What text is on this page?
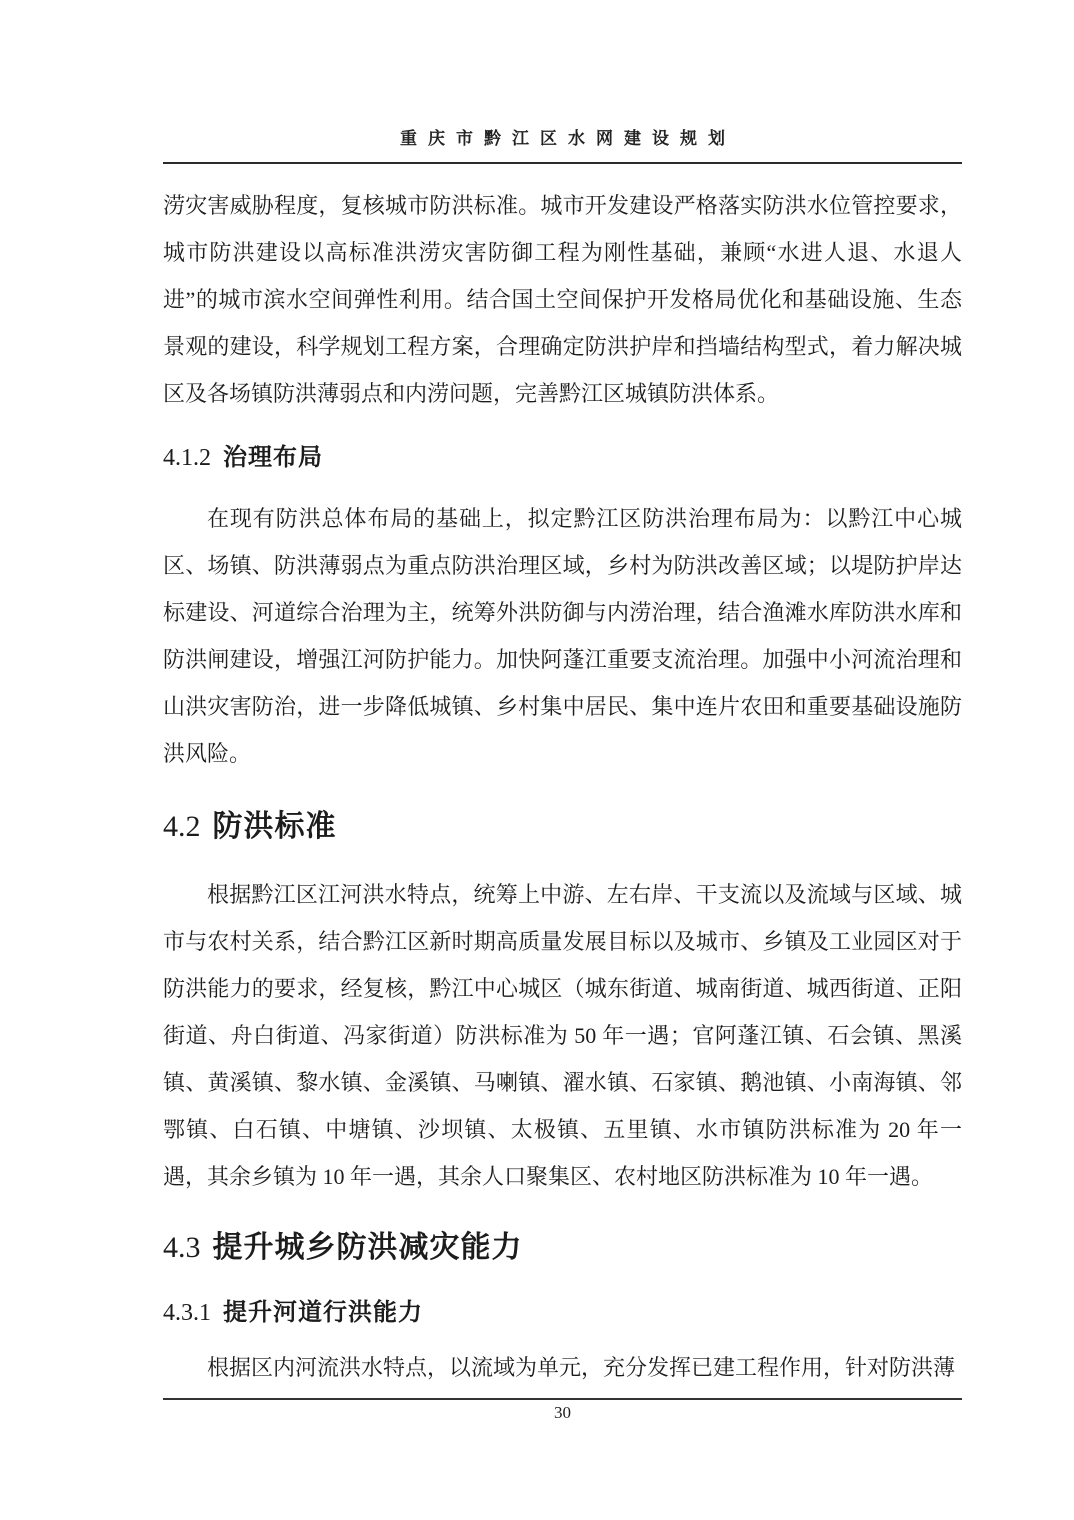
重庆市黔江区水网建设规划

涝灾害威胁程度，复核城市防洪标准。城市开发建设严格落实防洪水位管控要求，城市防洪建设以高标准洪涝灾害防御工程为刚性基础，兼顾“水进人退、水退人进”的城市滨水空间弹性利用。结合国土空间保护开发格局优化和基础设施、生态景观的建设，科学规划工程方案，合理确定防洪护岸和挡墙结构型式，着力解决城区及各场镇防洪薄弱点和内涝问题，完善黔江区城镇防洪体系。

4.1.2 治理布局

在现有防洪总体布局的基础上，拟定黔江区防洪治理布局为：以黔江中心城区、场镇、防洪薄弱点为重点防洪治理区域，乡村为防洪改善区域；以堤防护岸达标建设、河道综合治理为主，统筹外洪防御与内涝治理，结合渔滩水库防洪水库和防洪闸建设，增强江河防护能力。加快阿蓬江重要支流治理。加强中小河流治理和山洪灾害防治，进一步降低城镇、乡村集中居民、集中连片农田和重要基础设施防洪风险。

4.2 防洪标准

根据黔江区江河洪水特点，统筹上中游、左右岸、干支流以及流域与区域、城市与农村关系，结合黔江区新时期高质量发展目标以及城市、乡镇及工业园区对于防洪能力的要求，经复核，黔江中心城区（城东街道、城南街道、城西街道、正阳街道、舟白街道、冯家街道）防洪标准为 50 年一遇；官阿蓬江镇、石会镇、黑溪镇、黄溪镇、黎水镇、金溪镇、马喇镇、濯水镇、石家镇、鹅池镇、小南海镇、邻鄂镇、白石镇、中塘镇、沙坝镇、太极镇、五里镇、水市镇防洪标准为 20 年一遇，其余乡镇为 10 年一遇，其余人口聚集区、农村地区防洪标准为 10 年一遇。

4.3 提升城乡防洪减灾能力
4.3.1 提升河道行洪能力

根据区内河流洪水特点，以流域为单元，充分发挥已建工程作用，针对防洪薄

30
